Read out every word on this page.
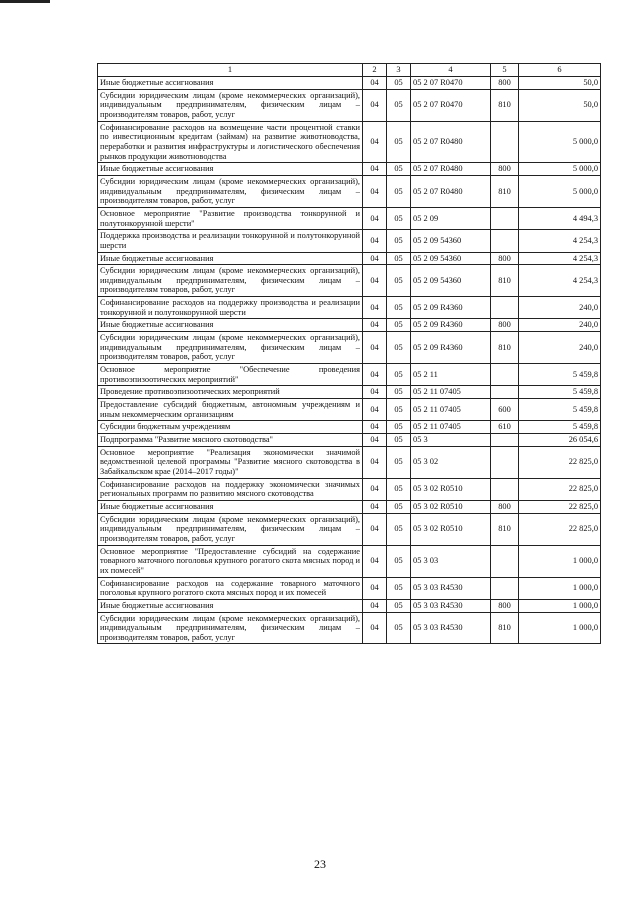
1	2	3	4	5	6
Иные бюджетные ассигнования	04	05	05 2 07 R0470	800	50,0
Субсидии юридическим лицам (кроме некоммерческих организаций), индивидуальным предпринимателям, физическим лицам – производителям товаров, работ, услуг	04	05	05 2 07 R0470	810	50,0
Софинансирование расходов на возмещение части процентной ставки по инвестиционным кредитам (займам) на развитие животноводства, переработки и развития инфраструктуры и логистического обеспечения рынков продукции животноводства	04	05	05 2 07 R0480		5 000,0
Иные бюджетные ассигнования	04	05	05 2 07 R0480	800	5 000,0
Субсидии юридическим лицам (кроме некоммерческих организаций), индивидуальным предпринимателям, физическим лицам – производителям товаров, работ, услуг	04	05	05 2 07 R0480	810	5 000,0
Основное мероприятие "Развитие производства тонкорунной и полутонкорунной шерсти"	04	05	05 2 09		4 494,3
Поддержка производства и реализации тонкорунной и полутонкорунной шерсти	04	05	05 2 09 54360		4 254,3
Иные бюджетные ассигнования	04	05	05 2 09 54360	800	4 254,3
Субсидии юридическим лицам (кроме некоммерческих организаций), индивидуальным предпринимателям, физическим лицам – производителям товаров, работ, услуг	04	05	05 2 09 54360	810	4 254,3
Софинансирование расходов на поддержку производства и реализации тонкорунной и полутонкорунной шерсти	04	05	05 2 09 R4360		240,0
Иные бюджетные ассигнования	04	05	05 2 09 R4360	800	240,0
Субсидии юридическим лицам (кроме некоммерческих организаций), индивидуальным предпринимателям, физическим лицам – производителям товаров, работ, услуг	04	05	05 2 09 R4360	810	240,0
Основное мероприятие "Обеспечение проведения противоэпизоотических мероприятий"	04	05	05 2 11		5 459,8
Проведение противоэпизоотических мероприятий	04	05	05 2 11 07405		5 459,8
Предоставление субсидий бюджетным, автономным учреждениям и иным некоммерческим организациям	04	05	05 2 11 07405	600	5 459,8
Субсидии бюджетным учреждениям	04	05	05 2 11 07405	610	5 459,8
Подпрограмма "Развитие мясного скотоводства"	04	05	05 3		26 054,6
Основное мероприятие "Реализация экономически значимой ведомственной целевой программы "Развитие мясного скотоводства в Забайкальском крае (2014–2017 годы)"	04	05	05 3 02		22 825,0
Софинансирование расходов на поддержку экономически значимых региональных программ по развитию мясного скотоводства	04	05	05 3 02 R0510		22 825,0
Иные бюджетные ассигнования	04	05	05 3 02 R0510	800	22 825,0
Субсидии юридическим лицам (кроме некоммерческих организаций), индивидуальным предпринимателям, физическим лицам – производителям товаров, работ, услуг	04	05	05 3 02 R0510	810	22 825,0
Основное мероприятие "Предоставление субсидий на содержание товарного маточного поголовья крупного рогатого скота мясных пород и их помесей"	04	05	05 3 03		1 000,0
Софинансирование расходов на содержание товарного маточного поголовья крупного рогатого скота мясных пород и их помесей	04	05	05 3 03 R4530		1 000,0
Иные бюджетные ассигнования	04	05	05 3 03 R4530	800	1 000,0
Субсидии юридическим лицам (кроме некоммерческих организаций), индивидуальным предпринимателям, физическим лицам – производителям товаров, работ, услуг	04	05	05 3 03 R4530	810	1 000,0
23
